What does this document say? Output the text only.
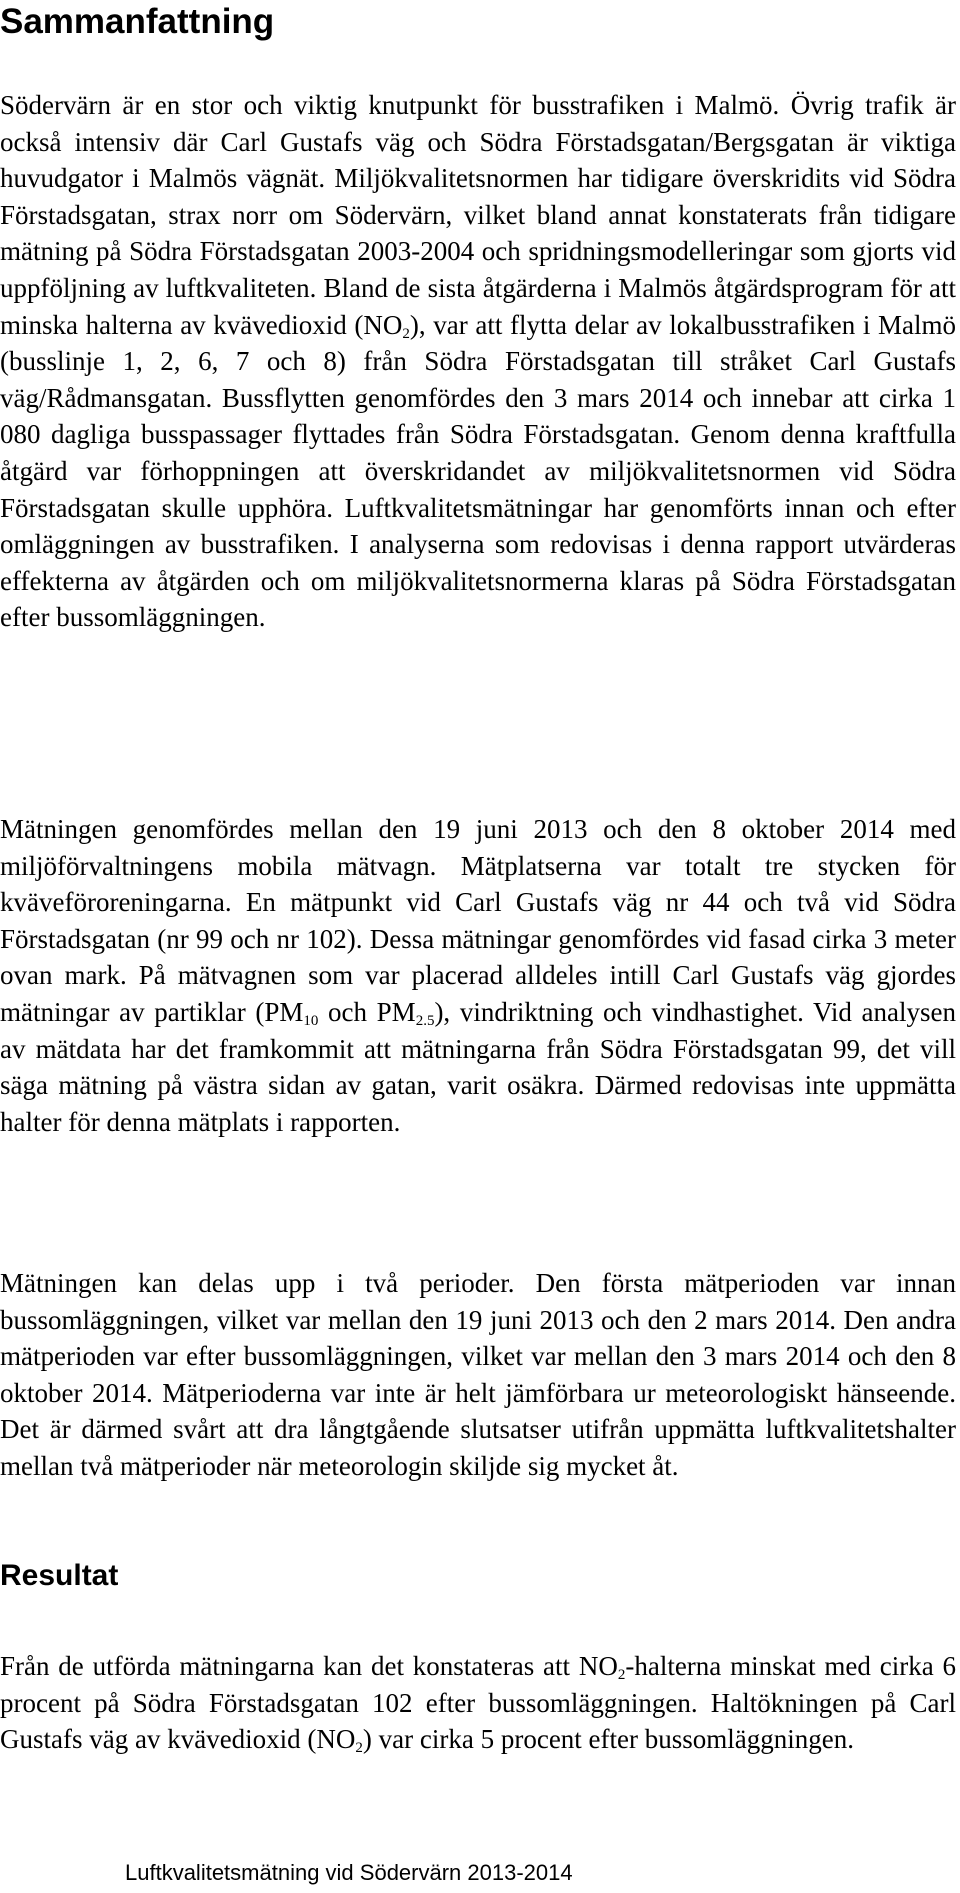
Sammanfattning

Södervärn är en stor och viktig knutpunkt för busstrafiken i Malmö. Övrig trafik är också intensiv där Carl Gustafs väg och Södra Förstadsgatan/Bergsgatan är viktiga huvudgator i Malmös vägnät. Miljökvalitetsnormen har tidigare överskridits vid Södra Förstadsgatan, strax norr om Södervärn, vilket bland annat konstaterats från tidigare mätning på Södra Förstadsgatan 2003-2004 och spridningsmodelleringar som gjorts vid uppföljning av luftkvaliteten. Bland de sista åtgärderna i Malmös åtgärdsprogram för att minska halterna av kvävedioxid $(NO_2)$, var att flytta delar av lokalbusstrafiken i Malmö (busslinje 1, 2, 6, 7 och 8) från Södra Förstadsgatan till stråket Carl Gustafs väg/Rådmansgatan. Bussflytten genomfördes den 3 mars 2014 och innebar att cirka 1 080 dagliga busspassager flyttades från Södra Förstadsgatan. Genom denna kraftfulla åtgärd var förhoppningen att överskridandet av miljökvalitetsnormen vid Södra Förstadsgatan skulle upphöra. Luftkvalitetsmätningar har genomförts innan och efter omläggningen av busstrafiken. I analyserna som redovisas i denna rapport utvärderas effekterna av åtgärden och om miljökvalitetsnormerna klaras på Södra Förstadsgatan efter bussomläggningen.

Mätningen genomfördes mellan den 19 juni 2013 och den 8 oktober 2014 med miljöförvaltningens mobila mätvagn. Mätplatserna var totalt tre stycken för kväveföroreningarna. En mätpunkt vid Carl Gustafs väg nr 44 och två vid Södra Förstadsgatan (nr 99 och nr 102). Dessa mätningar genomfördes vid fasad cirka 3 meter ovan mark. På mätvagnen som var placerad alldeles intill Carl Gustafs väg gjordes mätningar av partiklar ($PM_{10}$ och $PM_{2.5}$), vindriktning och vindhastighet. Vid analysen av mätdata har det framkommit att mätningarna från Södra Förstadsgatan 99, det vill säga mätning på västra sidan av gatan, varit osäkra. Därmed redovisas inte uppmätta halter för denna mätplats i rapporten.

Mätningen kan delas upp i två perioder. Den första mätperioden var innan bussomläggningen, vilket var mellan den 19 juni 2013 och den 2 mars 2014. Den andra mätperioden var efter bussomläggningen, vilket var mellan den 3 mars 2014 och den 8 oktober 2014. Mätperioderna var inte är helt jämförbara ur meteorologiskt hänseende. Det är därmed svårt att dra långtgående slutsatser utifrån uppmätta luftkvalitetshalter mellan två mätperioder när meteorologin skiljde sig mycket åt.

Resultat

Från de utförda mätningarna kan det konstateras att $NO_2$-halterna minskat med cirka 6 procent på Södra Förstadsgatan 102 efter bussomläggningen. Haltökningen på Carl Gustafs väg av kvävedioxid $(NO_2)$ var cirka 5 procent efter bussomläggningen.

Luftkvalitetsmätning vid Södervärn 2013-2014
